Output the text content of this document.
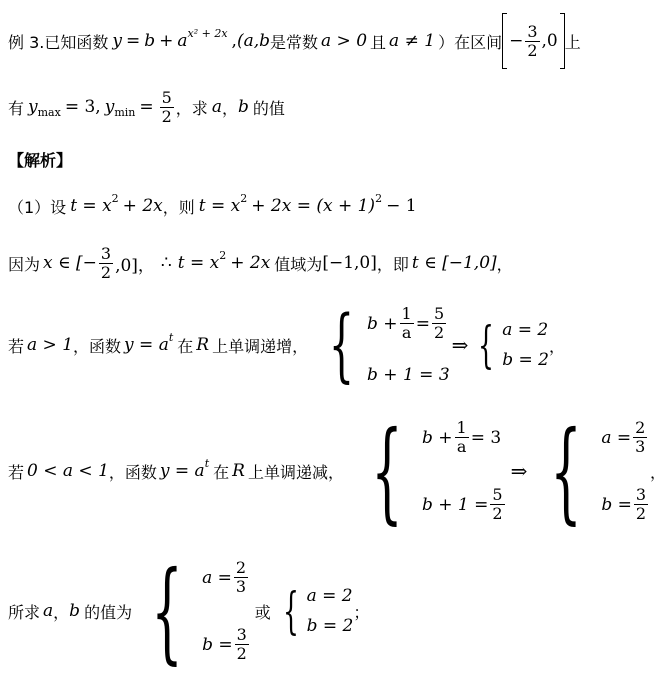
例 3.已知函数 y = b + a x² + 2x , (a,b 是常数 a > 0 且 a ≠ 1 ） 在区间 − $\frac{3}{2} ,0$ 上
有 y max = 3, y $\min = \frac{5}{2}$ ，求 a ， b 的值
【解析】
（1）设 t = x 2 + 2x ，则 t = x 2 + 2x = (x + 1) 2 − 1
因为 x ∈ [− $\frac{3}{2} ,0$]， ∴ t = x 2 + 2x 值域为 [−1,0] ，即 t ∈ [−1,0] ，
若 a > 1 ，函数 y = a t 在 R 上单调递增， { $b + \frac{1}{a} = \frac{5}{2}$
b + 1 = 3
⇒ { a = 2
b = 2
，
若 0 < a < 1 ，函数 y = a t 在 R 上单调递减， { $b + \frac{1}{a} = 3$
$b + 1 = \frac{5}{2}$
⇒ { $a = \frac{2}{3}$
$b = \frac{3}{2}$
，
所求 a ， b 的值为 { $a = \frac{2}{3}$
$b = \frac{3}{2}$
或 { a = 2
b = 2
；
